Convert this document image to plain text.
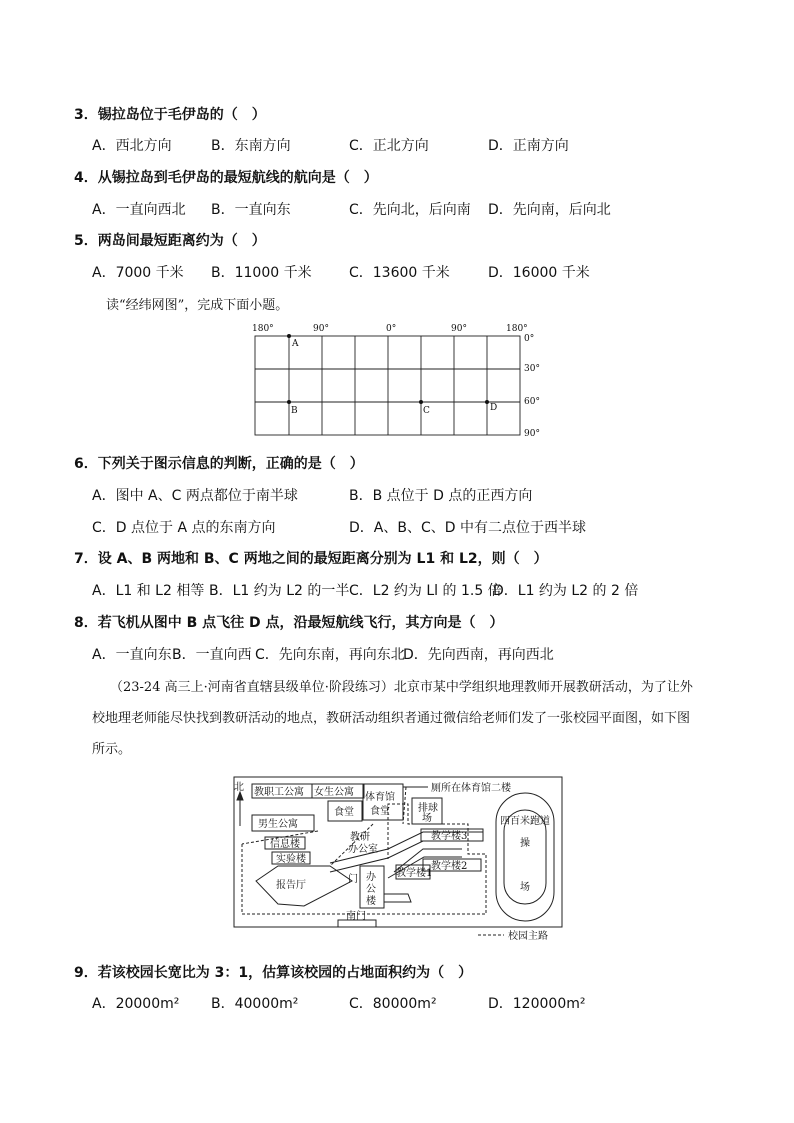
3．锡拉岛位于毛伊岛的（　）
A．西北方向	B．东南方向	C．正北方向	D．正南方向
4．从锡拉岛到毛伊岛的最短航线的航向是（　）
A．一直向西北 B．一直向东	C．先向北，后向南 D．先向南，后向北
5．两岛间最短距离约为（　）
A．7000 千米 B．11000 千米	C．13600 千米	D．16000 千米
读“经纬网图”，完成下面小题。
180°	90°	0°	90°	180°
0°
30°
60°
90°
A
B	C	D
6．下列关于图示信息的判断，正确的是（　）
A．图中 A、C 两点都位于南半球	B．B 点位于 D 点的正西方向
C．D 点位于 A 点的东南方向	D．A、B、C、D 中有二点位于西半球
7．设 A、B 两地和 B、C 两地之间的最短距离分别为 L1 和 L2，则（　）
A．L1 和 L2 相等 B．L1 约为 L2 的一半 C．L2 约为 Ll 的 1.5 倍
D．L1 约为 L2 的 2 倍
8．若飞机从图中 B 点飞往 D 点，沿最短航线飞行，其方向是（　）
A．一直向东 B．一直向西 C．先向东南，再向东北
D．先向西南，再向西北
（23-24 高三上·河南省直辖县级单位·阶段练习）北京市某中学组织地理教师开展教研活动，为了让外
校地理老师能尽快找到教研活动的地点，教研活动组织者通过微信给老师们发了一张校园平面图，如下图
所示。
北 教职工公寓 女生公寓
男生公寓
食堂
体育馆
食堂	排球
场
厕所在体育馆二楼
信息楼
实验楼
报告厅
教研
办公室
教学楼3
教学楼2
教学楼1
办
公
楼
门
南门
四百米跑道
操
场
校园主路
9．若该校园长宽比为 3：1，估算该校园的占地面积约为（　）
A．20000m² B．40000m²	C．80000m²	D．120000m²
